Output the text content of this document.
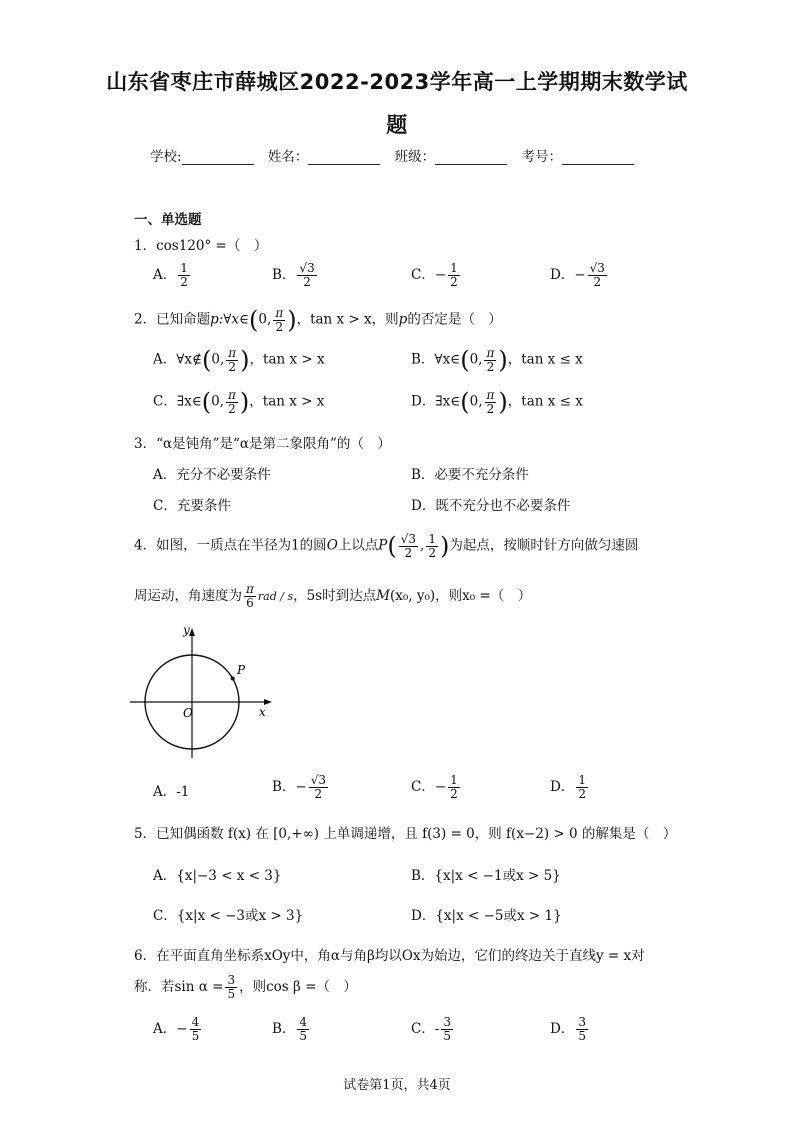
山东省枣庄市薛城区2022-2023学年高一上学期期末数学试
题
学校:	姓名：	班级：	考号：
一、单选题
1．cos120° =（　）
A． $\frac{1}{2}$	B． $\frac{√3}{2}$	C．− $\frac{1}{2}$	D．− $\frac{√3}{2}$
2．已知命题p:∀x∈(0, $\frac{\pi}{2}$ )，tan x > x，则p的否定是（　）
A．∀x∉(0, $\frac{\pi}{2}$ )，tan x > x	B．∀x∈(0, $\frac{\pi}{2}$ )，tan x ≤ x
C．∃x∈(0, $\frac{\pi}{2}$ )，tan x > x	D．∃x∈(0, $\frac{\pi}{2}$ )，tan x ≤ x
3．“α是钝角”是“α是第二象限角”的（　）
A．充分不必要条件	B．必要不充分条件
C．充要条件	D．既不充分也不必要条件
4．如图，一质点在半径为1的圆O上以点$P( \frac{√3}{2}$ , $\frac{1}{2}$ )为起点，按顺时针方向做匀速圆
周运动，角速度为 $\frac{\pi}{6}$ rad / s，5s时到达点M(x₀, y₀)，则x₀ =（　）
y
x
O
P
A．-1	B．− $\frac{√3}{2}$	C．− $\frac{1}{2}$	D． $\frac{1}{2}$
5．已知偶函数 f(x) 在 [0,+∞) 上单调递增，且 f(3) = 0，则 f(x−2) > 0 的解集是（　）
A．{x|−3 < x < 3}	B．{x|x < −1或x > 5}
C．{x|x < −3或x > 3}	D．{x|x < −5或x > 1}
6．在平面直角坐标系xOy中，角α与角β均以Ox为始边，它们的终边关于直线y = x对
称．若$\sin \alpha = \frac{3}{5}$ ，则cos β =（　）
A．− $\frac{4}{5}$	B． $\frac{4}{5}$	C．- $\frac{3}{5}$	D． $\frac{3}{5}$
试卷第1页，共4页
